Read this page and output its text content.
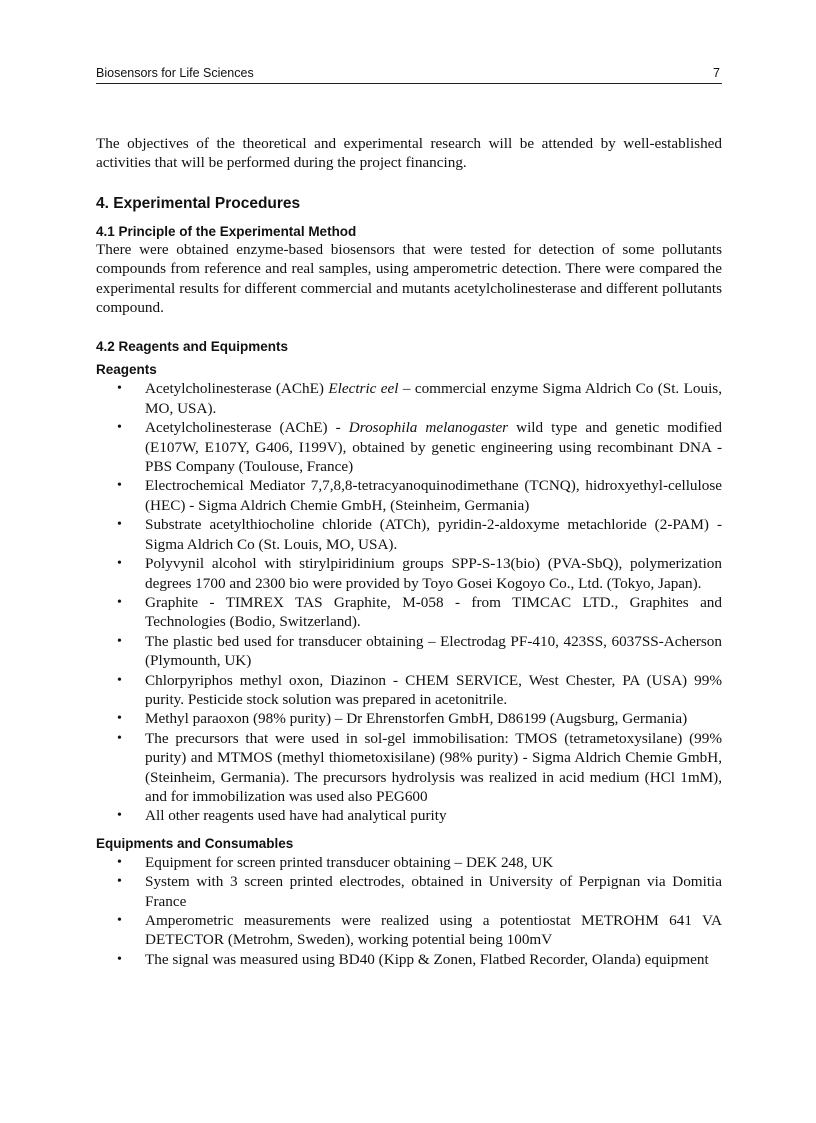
Biosensors for Life Sciences	7

The objectives of the theoretical and experimental research will be attended by well-established activities that will be performed during the project financing.

4. Experimental Procedures
4.1 Principle of the Experimental Method

There were obtained enzyme-based biosensors that were tested for detection of some pollutants compounds from reference and real samples, using amperometric detection. There were compared the experimental results for different commercial and mutants acetylcholinesterase and different pollutants compound.

4.2 Reagents and Equipments
Reagents
• Acetylcholinesterase (AChE) Electric eel – commercial enzyme Sigma Aldrich Co (St. Louis, MO, USA).
• Acetylcholinesterase (AChE) - Drosophila melanogaster wild type and genetic modified (E107W, E107Y, G406, I199V), obtained by genetic engineering using recombinant DNA - PBS Company (Toulouse, France)
• Electrochemical Mediator 7,7,8,8-tetracyanoquinodimethane (TCNQ), hidroxyethyl-cellulose (HEC) - Sigma Aldrich Chemie GmbH, (Steinheim, Germania)
• Substrate acetylthiocholine chloride (ATCh), pyridin-2-aldoxyme metachloride (2-PAM) - Sigma Aldrich Co (St. Louis, MO, USA).
• Polyvynil alcohol with stirylpiridinium groups SPP-S-13(bio) (PVA-SbQ), polymerization degrees 1700 and 2300 bio were provided by Toyo Gosei Kogoyo Co., Ltd. (Tokyo, Japan).
• Graphite - TIMREX TAS Graphite, M-058 - from TIMCAC LTD., Graphites and Technologies (Bodio, Switzerland).
• The plastic bed used for transducer obtaining – Electrodag PF-410, 423SS, 6037SS-Acherson (Plymounth, UK)
• Chlorpyriphos methyl oxon, Diazinon - CHEM SERVICE, West Chester, PA (USA) 99% purity. Pesticide stock solution was prepared in acetonitrile.
• Methyl paraoxon (98% purity) – Dr Ehrenstorfen GmbH, D86199 (Augsburg, Germania)
• The precursors that were used in sol-gel immobilisation: TMOS (tetrametoxysilane) (99% purity) and MTMOS (methyl thiometoxisilane) (98% purity) - Sigma Aldrich Chemie GmbH, (Steinheim, Germania). The precursors hydrolysis was realized in acid medium (HCl 1mM), and for immobilization was used also PEG600
• All other reagents used have had analytical purity
Equipments and Consumables
• Equipment for screen printed transducer obtaining – DEK 248, UK
• System with 3 screen printed electrodes, obtained in University of Perpignan via Domitia France
• Amperometric measurements were realized using a potentiostat METROHM 641 VA DETECTOR (Metrohm, Sweden), working potential being 100mV
• The signal was measured using BD40 (Kipp & Zonen, Flatbed Recorder, Olanda) equipment
